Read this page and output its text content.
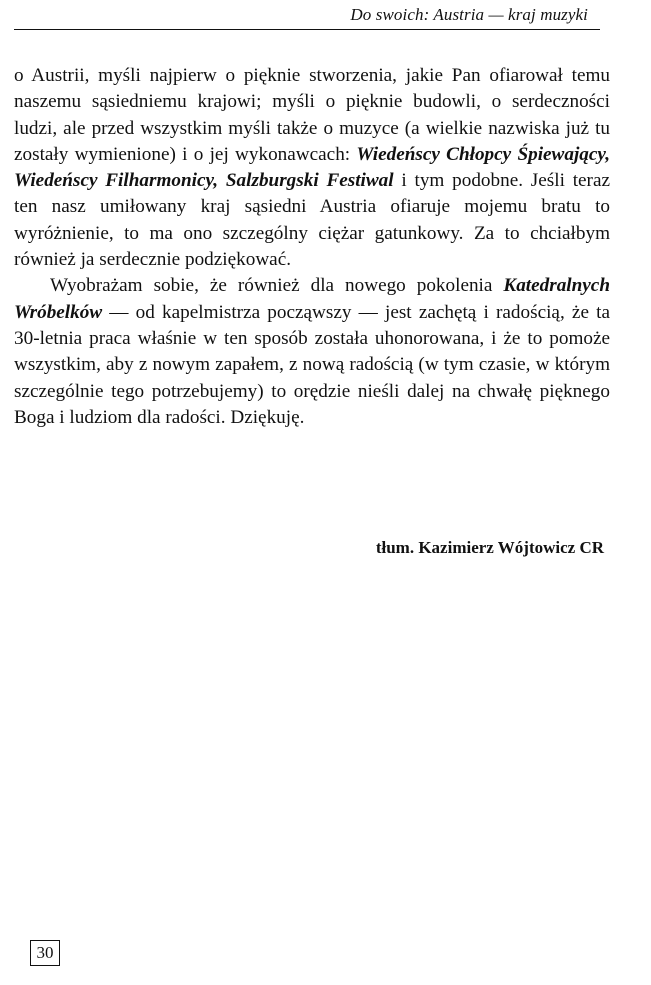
Do swoich: Austria — kraj muzyki

o Austrii, myśli najpierw o pięknie stworzenia, jakie Pan ofiarował temu naszemu sąsiedniemu krajowi; myśli o pięknie budowli, o serdeczności ludzi, ale przed wszystkim myśli także o muzyce (a wielkie nazwiska już tu zostały wymienione) i o jej wykonawcach: Wiedeńscy Chłopcy Śpiewający, Wiedeńscy Filharmonicy, Salzburgski Festiwal i tym podobne. Jeśli teraz ten nasz umiłowany kraj sąsiedni Austria ofiaruje mojemu bratu to wyróżnienie, to ma ono szczególny ciężar gatunkowy. Za to chciałbym również ja serdecznie podziękować.

Wyobrażam sobie, że również dla nowego pokolenia Katedralnych Wróbelków — od kapelmistrza począwszy — jest zachętą i radością, że ta 30-letnia praca właśnie w ten sposób została uhonorowana, i że to pomoże wszystkim, aby z nowym zapałem, z nową radością (w tym czasie, w którym szczególnie tego potrzebujemy) to orędzie nieśli dalej na chwałę pięknego Boga i ludziom dla radości. Dziękuję.

tłum. Kazimierz Wójtowicz CR
30
